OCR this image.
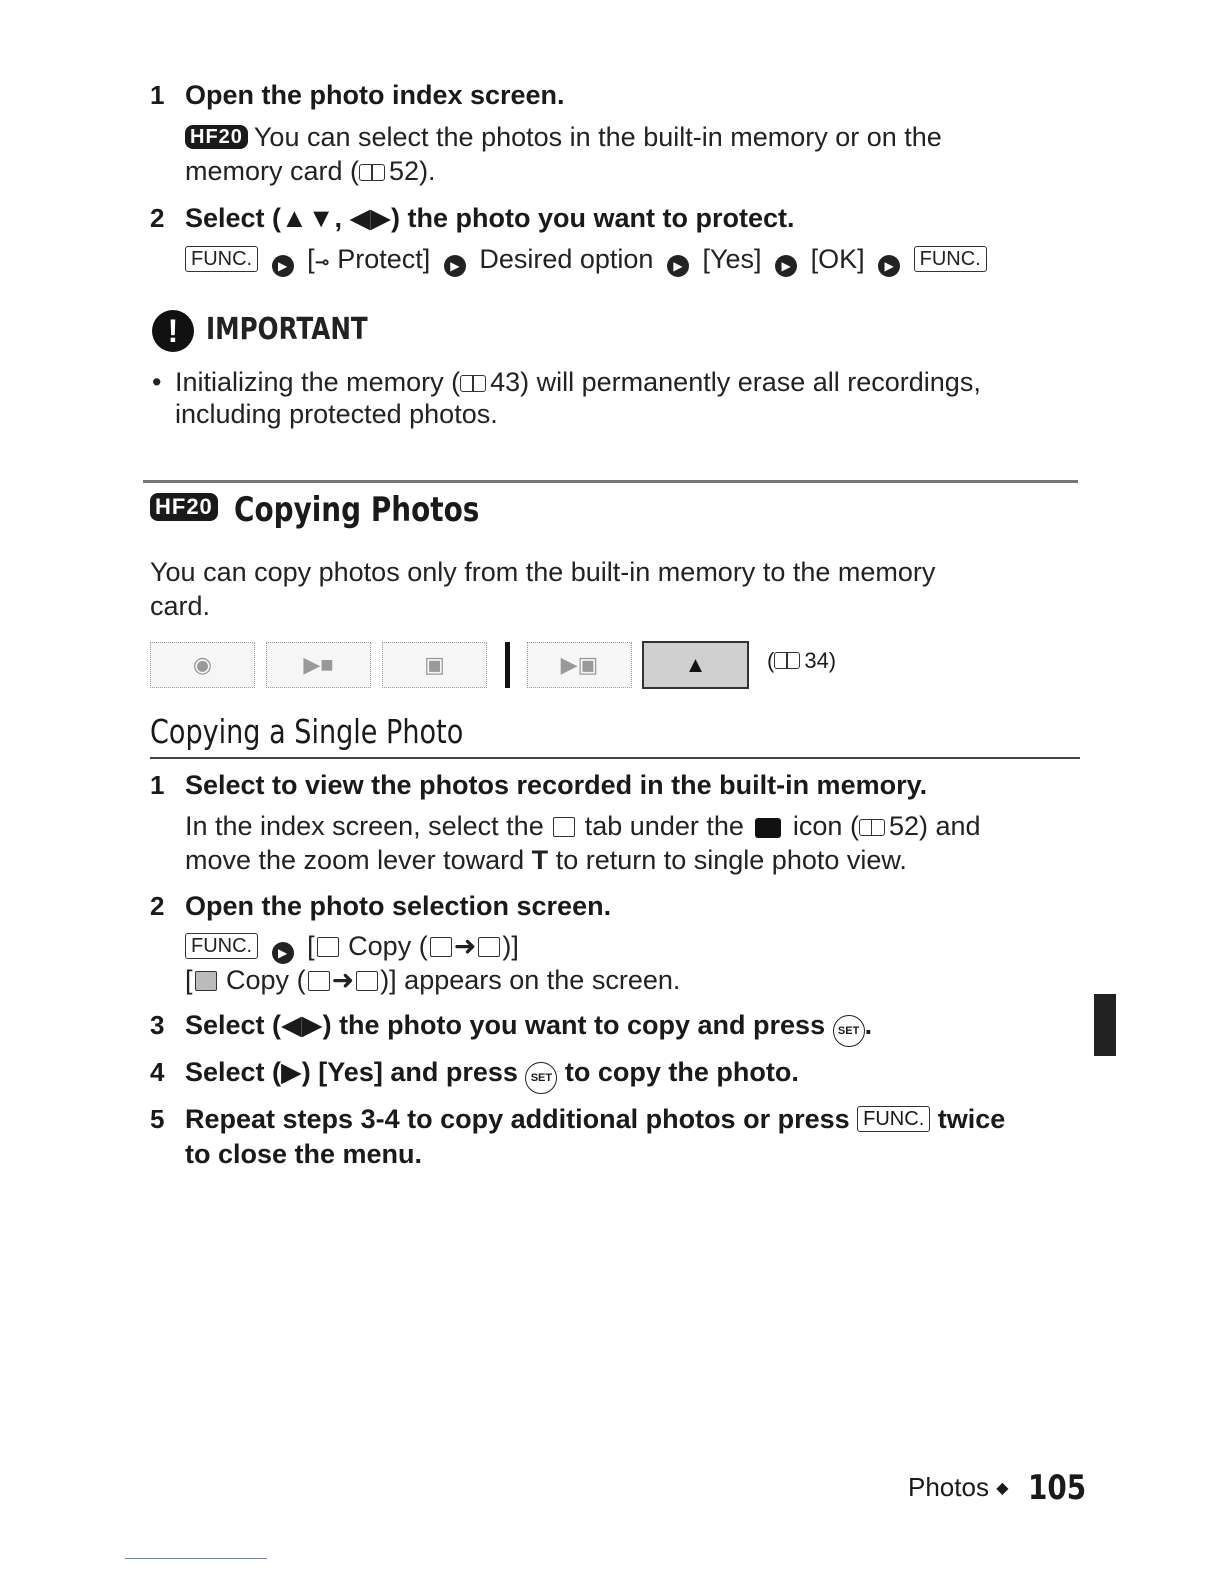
1 Open the photo index screen.
HF20 You can select the photos in the built-in memory or on the
memory card ( 52).
2 Select (▲▼, ◀▶) the photo you want to protect.
FUNC. ▶ [⊸ Protect] ▶ Desired option ▶ [Yes] ▶ [OK] ▶ FUNC.
! IMPORTANT
• Initializing the memory ( 43) will permanently erase all recordings,
including protected photos.
HF20 Copying Photos
You can copy photos only from the built-in memory to the memory
card.
◉	▶■	▣	▶▣	▲	( 34)
Copying a Single Photo
1 Select to view the photos recorded in the built-in memory.
In the index screen, select the tab under the icon ( 52) and
move the zoom lever toward T to return to single photo view.
2 Open the photo selection screen.
FUNC. ▶ [ Copy ( ➜ )]
[ Copy ( ➜ )] appears on the screen.
3 Select (◀▶) the photo you want to copy and press SET .
4 Select (▶) [Yes] and press SET to copy the photo.
5 Repeat steps 3-4 to copy additional photos or press FUNC. twice
to close the menu.
Photos ◆ 105
